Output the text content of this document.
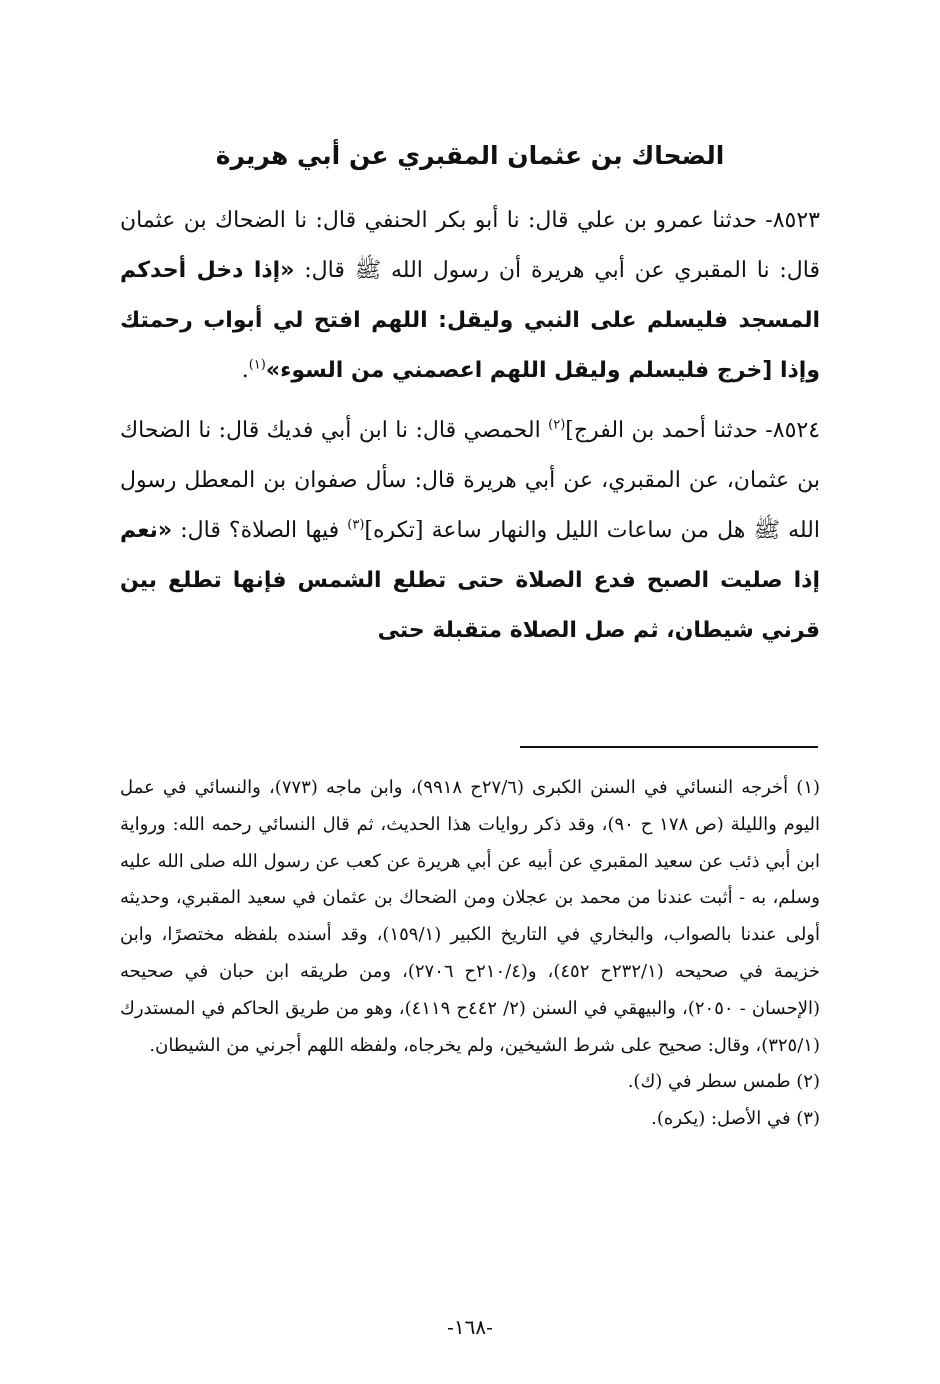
الضحاك بن عثمان المقبري عن أبي هريرة

٨٥٢٣- حدثنا عمرو بن علي قال: نا أبو بكر الحنفي قال: نا الضحاك بن عثمان قال: نا المقبري عن أبي هريرة أن رسول الله ﷺ قال: «إذا دخل أحدكم المسجد فليسلم على النبي وليقل: اللهم افتح لي أبواب رحمتك وإذا [خرج فليسلم وليقل اللهم اعصمني من السوء»$^{(١)}$.

٨٥٢٤- حدثنا أحمد بن الفرج]$^{(٢)}$ الحمصي قال: نا ابن أبي فديك قال: نا الضحاك بن عثمان، عن المقبري، عن أبي هريرة قال: سأل صفوان بن المعطل رسول الله ﷺ هل من ساعات الليل والنهار ساعة [تكره]$^{(٣)}$ فيها الصلاة؟ قال: «نعم إذا صليت الصبح فدع الصلاة حتى تطلع الشمس فإنها تطلع بين قرني شيطان، ثم صل الصلاة متقبلة حتى

(١) أخرجه النسائي في السنن الكبرى (٢٧/٦ح ٩٩١٨)، وابن ماجه (٧٧٣)، والنسائي في عمل اليوم والليلة (ص ١٧٨ ح ٩٠)، وقد ذكر روايات هذا الحديث، ثم قال النسائي رحمه الله: ورواية ابن أبي ذئب عن سعيد المقبري عن أبيه عن أبي هريرة عن كعب عن رسول الله صلى الله عليه وسلم، به - أثبت عندنا من محمد بن عجلان ومن الضحاك بن عثمان في سعيد المقبري، وحديثه أولى عندنا بالصواب، والبخاري في التاريخ الكبير (١٥٩/١)، وقد أسنده بلفظه مختصرًا، وابن خزيمة في صحيحه (٢٣٢/١ح ٤٥٢)، و(٢١٠/٤ح ٢٧٠٦)، ومن طريقه ابن حبان في صحيحه (الإحسان - ٢٠٥٠)، والبيهقي في السنن (٢/ ٤٤٢ح ٤١١٩)، وهو من طريق الحاكم في المستدرك (٣٢٥/١)، وقال: صحيح على شرط الشيخين، ولم يخرجاه، ولفظه اللهم أجرني من الشيطان.

(٢) طمس سطر في (ك).

(٣) في الأصل: (يكره).

-١٦٨-
